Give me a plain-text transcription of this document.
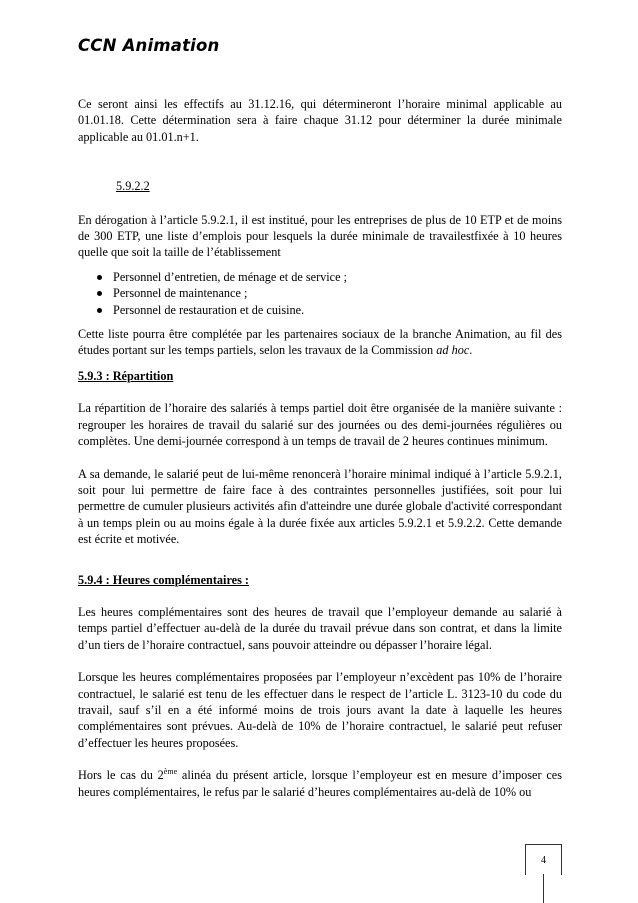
CCN Animation

Ce seront ainsi les effectifs au 31.12.16, qui détermineront l’horaire minimal applicable au 01.01.18. Cette détermination sera à faire chaque 31.12 pour déterminer la durée minimale applicable au 01.01.n+1.

5.9.2.2

En dérogation à l’article 5.9.2.1, il est institué, pour les entreprises de plus de 10 ETP et de moins de 300 ETP, une liste d’emplois pour lesquels la durée minimale de travailestfixée à 10 heures quelle que soit la taille de l’établissement

Personnel d’entretien, de ménage et de service ;
Personnel de maintenance ;
Personnel de restauration et de cuisine.

Cette liste pourra être complétée par les partenaires sociaux de la branche Animation, au fil des études portant sur les temps partiels, selon les travaux de la Commission ad hoc.

5.9.3 : Répartition

La répartition de l’horaire des salariés à temps partiel doit être organisée de la manière suivante : regrouper les horaires de travail du salarié sur des journées ou des demi-journées régulières ou complètes. Une demi-journée correspond à un temps de travail de 2 heures continues minimum.

A sa demande, le salarié peut de lui-même renoncerà l’horaire minimal indiqué à l’article 5.9.2.1, soit pour lui permettre de faire face à des contraintes personnelles justifiées, soit pour lui permettre de cumuler plusieurs activités afin d'atteindre une durée globale d'activité correspondant à un temps plein ou au moins égale à la durée fixée aux articles 5.9.2.1 et 5.9.2.2. Cette demande est écrite et motivée.

5.9.4 : Heures complémentaires :

Les heures complémentaires sont des heures de travail que l’employeur demande au salarié à temps partiel d’effectuer au-delà de la durée du travail prévue dans son contrat, et dans la limite d’un tiers de l’horaire contractuel, sans pouvoir atteindre ou dépasser l’horaire légal.

Lorsque les heures complémentaires proposées par l’employeur n’excèdent pas 10% de l’horaire contractuel, le salarié est tenu de les effectuer dans le respect de l’article L. 3123-10 du code du travail, sauf s’il en a été informé moins de trois jours avant la date à laquelle les heures complémentaires sont prévues. Au-delà de 10% de l’horaire contractuel, le salarié peut refuser d’effectuer les heures proposées.

Hors le cas du 2ème alinéa du présent article, lorsque l’employeur est en mesure d’imposer ces heures complémentaires, le refus par le salarié d’heures complémentaires au-delà de 10% ou

4
